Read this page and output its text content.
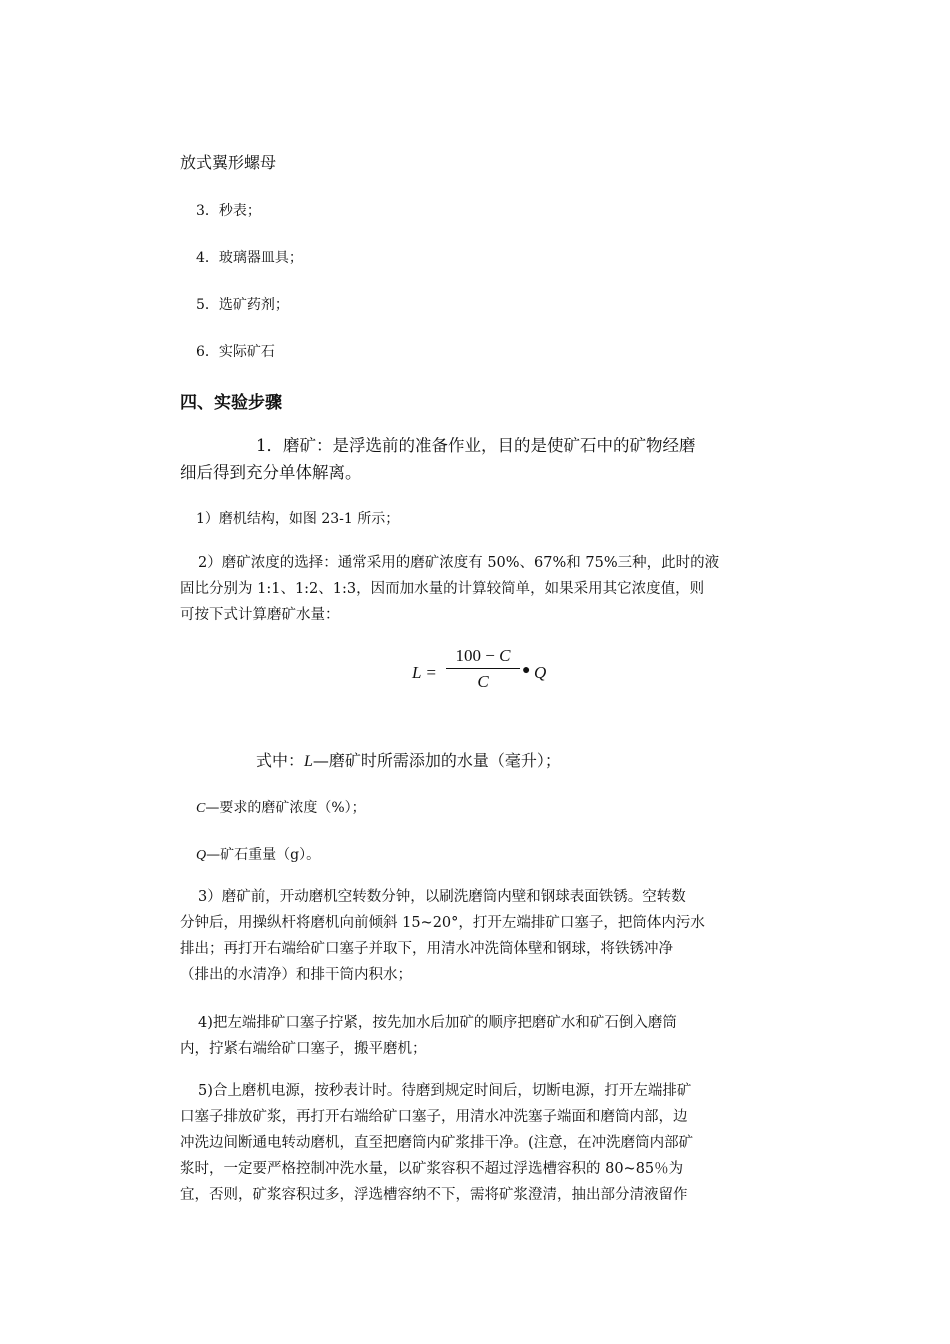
放式翼形螺母
3．秒表；
4．玻璃器皿具；
5．选矿药剂；
6．实际矿石
四、实验步骤
1．磨矿：是浮选前的准备作业，目的是使矿石中的矿物经磨
细后得到充分单体解离。
1）磨机结构，如图 23-1 所示；
2）磨矿浓度的选择：通常采用的磨矿浓度有 50%、67%和 75%三种，此时的液
固比分别为 1:1、1:2、1:3，因而加水量的计算较简单，如果采用其它浓度值，则
可按下式计算磨矿水量：
L =
100 − C
C
● Q
式中：L—磨矿时所需添加的水量（毫升）；
C—要求的磨矿浓度（%）；
Q—矿石重量（g）。
3）磨矿前，开动磨机空转数分钟，以刷洗磨筒内壁和钢球表面铁锈。空转数
分钟后，用操纵杆将磨机向前倾斜 15~20°，打开左端排矿口塞子，把筒体内污水
排出；再打开右端给矿口塞子并取下，用清水冲洗筒体壁和钢球，将铁锈冲净
（排出的水清净）和排干筒内积水；
4)把左端排矿口塞子拧紧，按先加水后加矿的顺序把磨矿水和矿石倒入磨筒
内，拧紧右端给矿口塞子，搬平磨机；
5)合上磨机电源，按秒表计时。待磨到规定时间后，切断电源，打开左端排矿
口塞子排放矿浆，再打开右端给矿口塞子，用清水冲洗塞子端面和磨筒内部，边
冲洗边间断通电转动磨机，直至把磨筒内矿浆排干净。(注意，在冲洗磨筒内部矿
浆时，一定要严格控制冲洗水量，以矿浆容积不超过浮选槽容积的 80~85％为
宜，否则，矿浆容积过多，浮选槽容纳不下，需将矿浆澄清，抽出部分清液留作
